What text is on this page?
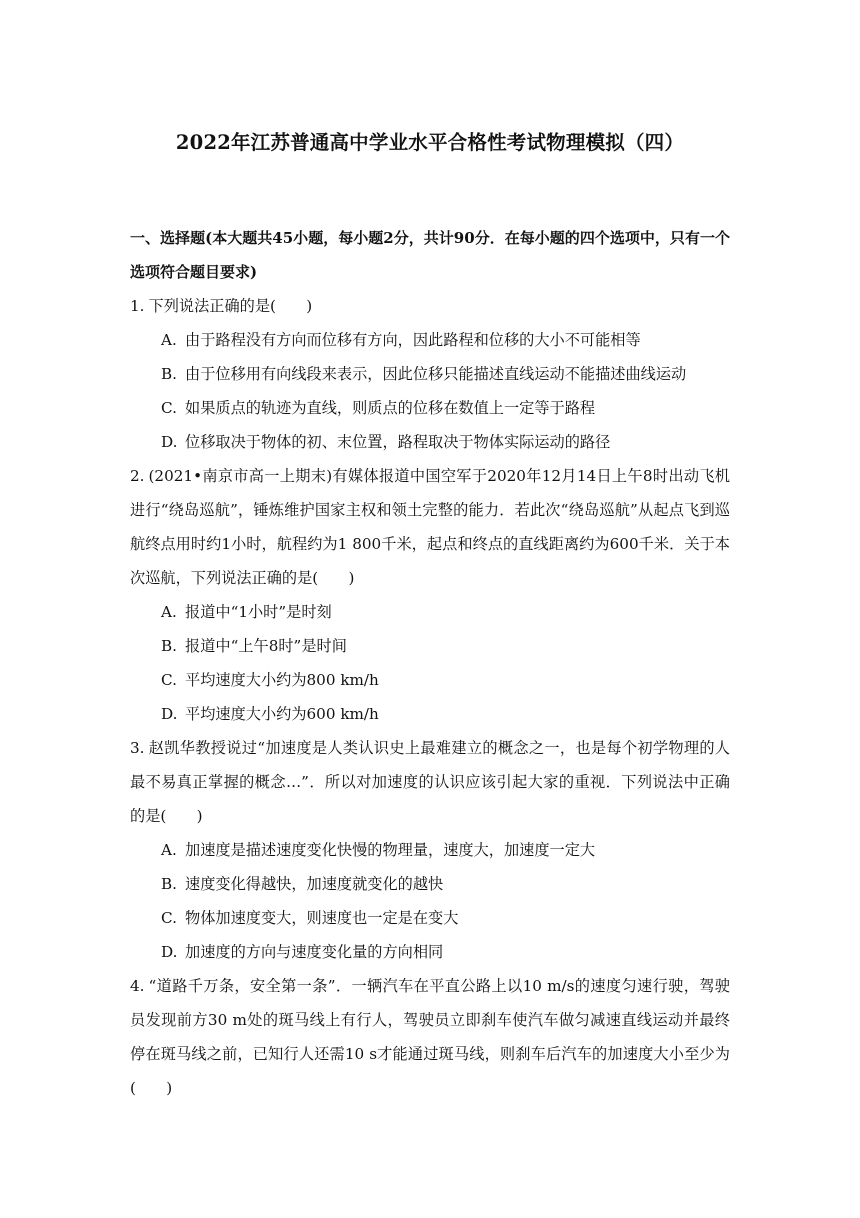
2022年江苏普通高中学业水平合格性考试物理模拟（四）

一、选择题(本大题共45小题，每小题2分，共计90分．在每小题的四个选项中，只有一个选项符合题目要求)

1. 下列说法正确的是(　　)

A. 由于路程没有方向而位移有方向，因此路程和位移的大小不可能相等
B. 由于位移用有向线段来表示，因此位移只能描述直线运动不能描述曲线运动
C. 如果质点的轨迹为直线，则质点的位移在数值上一定等于路程
D. 位移取决于物体的初、末位置，路程取决于物体实际运动的路径

2. (2021•南京市高一上期末)有媒体报道中国空军于2020年12月14日上午8时出动飞机进行“绕岛巡航”，锤炼维护国家主权和领土完整的能力．若此次“绕岛巡航”从起点飞到巡航终点用时约1小时，航程约为1 800千米，起点和终点的直线距离约为600千米．关于本次巡航，下列说法正确的是(　　)

A. 报道中“1小时”是时刻
B. 报道中“上午8时”是时间
C. 平均速度大小约为800 km/h
D. 平均速度大小约为600 km/h

3. 赵凯华教授说过“加速度是人类认识史上最难建立的概念之一，也是每个初学物理的人最不易真正掌握的概念…”．所以对加速度的认识应该引起大家的重视．下列说法中正确的是(　　)

A. 加速度是描述速度变化快慢的物理量，速度大，加速度一定大
B. 速度变化得越快，加速度就变化的越快
C. 物体加速度变大，则速度也一定是在变大
D. 加速度的方向与速度变化量的方向相同

4. “道路千万条，安全第一条”．一辆汽车在平直公路上以10 m/s的速度匀速行驶，驾驶员发现前方30 m处的斑马线上有行人，驾驶员立即刹车使汽车做匀减速直线运动并最终停在斑马线之前，已知行人还需10 s才能通过斑马线，则刹车后汽车的加速度大小至少为(　　)
